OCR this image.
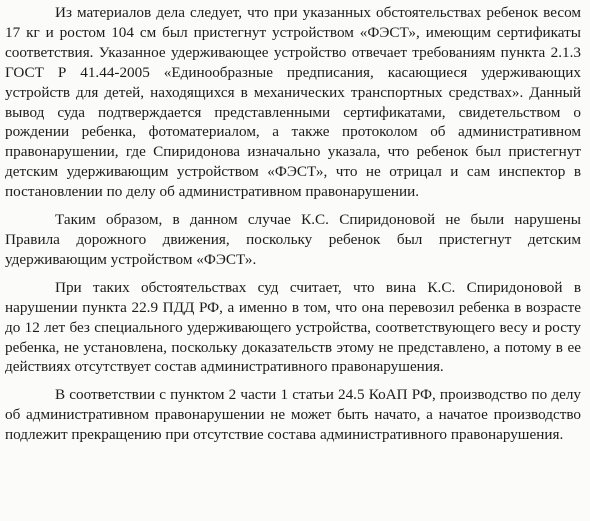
Из материалов дела следует, что при указанных обстоятельствах ребенок весом 17 кг и ростом 104 см был пристегнут устройством «ФЭСТ», имеющим сертификаты соответствия. Указанное удерживающее устройство отвечает требованиям пункта 2.1.3 ГОСТ Р 41.44-2005 «Единообразные предписания, касающиеся удерживающих устройств для детей, находящихся в механических транспортных средствах». Данный вывод суда подтверждается представленными сертификатами, свидетельством о рождении ребенка, фотоматериалом, а также протоколом об административном правонарушении, где Спиридонова изначально указала, что ребенок был пристегнут детским удерживающим устройством «ФЭСТ», что не отрицал и сам инспектор в постановлении по делу об административном правонарушении.

Таким образом, в данном случае К.С. Спиридоновой не были нарушены Правила дорожного движения, поскольку ребенок был пристегнут детским удерживающим устройством «ФЭСТ».

При таких обстоятельствах суд считает, что вина К.С. Спиридоновой в нарушении пункта 22.9 ПДД РФ, а именно в том, что она перевозил ребенка в возрасте до 12 лет без специального удерживающего устройства, соответствующего весу и росту ребенка, не установлена, поскольку доказательств этому не представлено, а потому в ее действиях отсутствует состав административного правонарушения.

В соответствии с пунктом 2 части 1 статьи 24.5 КоАП РФ, производство по делу об административном правонарушении не может быть начато, а начатое производство подлежит прекращению при отсутствие состава административного правонарушения.
